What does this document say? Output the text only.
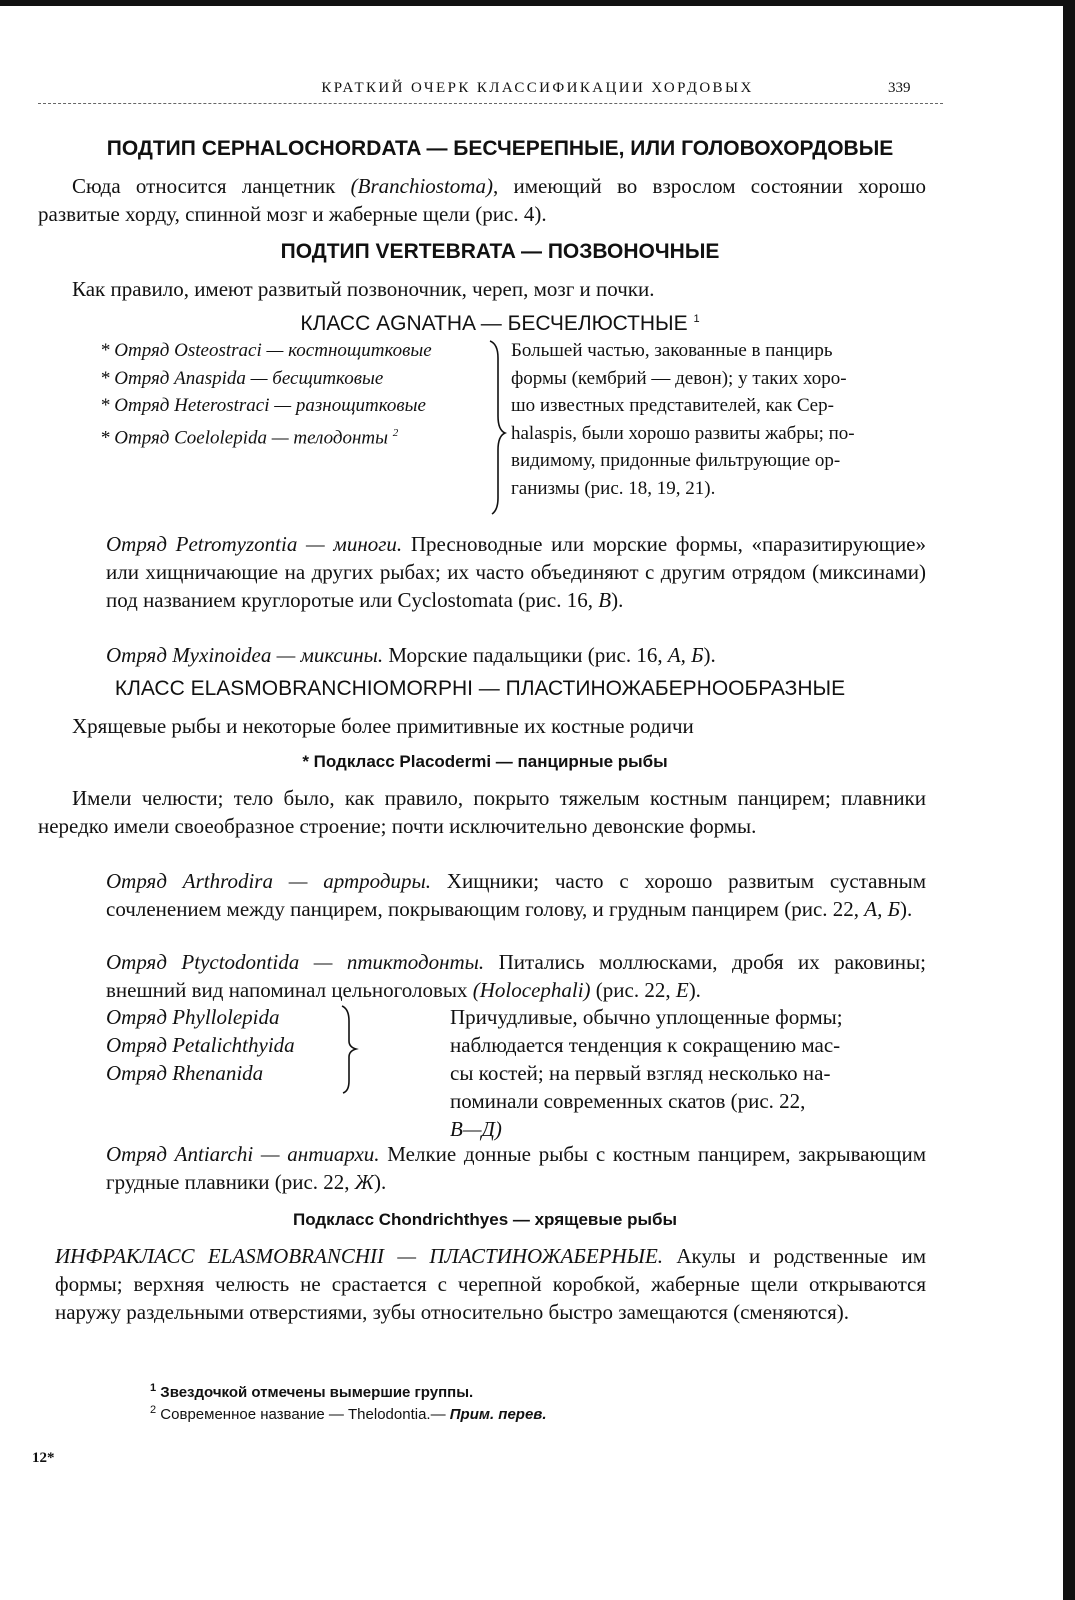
КРАТКИЙ ОЧЕРК КЛАССИФИКАЦИИ ХОРДОВЫХ	339
ПОДТИП CEPHALOCHORDATA — БЕСЧЕРЕПНЫЕ, ИЛИ ГОЛОВОХОРДОВЫЕ

Сюда относится ланцетник (Branchiostoma), имеющий во взрослом состоянии хорошо развитые хорду, спинной мозг и жаберные щели (рис. 4).

ПОДТИП VERTEBRATA — ПОЗВОНОЧНЫЕ

Как правило, имеют развитый позвоночник, череп, мозг и почки.

КЛАСС AGNATHA — БЕСЧЕЛЮСТНЫЕ $^1$
* Отряд Osteostraci — костнощитковые
* Отряд Anaspida — бесщитковые
* Отряд Heterostraci — разнощитковые
* Отряд Coelolepida — телодонты $^2$
Большей частью, закованные в панцирь
формы (кембрий — девон); у таких хоро-
шо известных представителей, как Cep-
halaspis, были хорошо развиты жабры; по-
видимому, придонные фильтрующие ор-
ганизмы (рис. 18, 19, 21).

Отряд Petromyzontia — миноги. Пресноводные или морские формы, «паразитирующие» или хищничающие на других рыбах; их часто объединяют с другим отрядом (миксинами) под названием круглоротые или Cyclostomata (рис. 16, В).

Отряд Myxinoidea — миксины. Морские падальщики (рис. 16, А, Б).

КЛАСС ELASMOBRANCHIOMORPHI — ПЛАСТИНОЖАБЕРНООБРАЗНЫЕ

Хрящевые рыбы и некоторые более примитивные их костные родичи

* Подкласс Placodermi — панцирные рыбы

Имели челюсти; тело было, как правило, покрыто тяжелым костным панцирем; плавники нередко имели своеобразное строение; почти исключительно девонские формы.

Отряд Arthrodira — артродиры. Хищники; часто с хорошо развитым суставным сочленением между панцирем, покрывающим голову, и грудным панцирем (рис. 22, А, Б).

Отряд Ptyctodontida — птиктодонты. Питались моллюсками, дробя их раковины; внешний вид напоминал цельноголовых (Holocephali) (рис. 22, Е).

Отряд Phyllolepida
Отряд Petalichthyida
Отряд Rhenanida
Причудливые, обычно уплощенные формы;
наблюдается тенденция к сокращению мас-
сы костей; на первый взгляд несколько на-
поминали современных скатов (рис. 22,
В—Д)

Отряд Antiarchi — антиархи. Мелкие донные рыбы с костным панцирем, закрывающим грудные плавники (рис. 22, Ж).

Подкласс Chondrichthyes — хрящевые рыбы

ИНФРАКЛАСС ELASMOBRANCHII — ПЛАСТИНОЖАБЕРНЫЕ. Акулы и родственные им формы; верхняя челюсть не срастается с черепной коробкой, жаберные щели открываются наружу раздельными отверстиями, зубы относительно быстро замещаются (сменяются).

$^1$ Звездочкой отмечены вымершие группы.
$^2$ Современное название — Thelodontia.— Прим. перев.
12*
